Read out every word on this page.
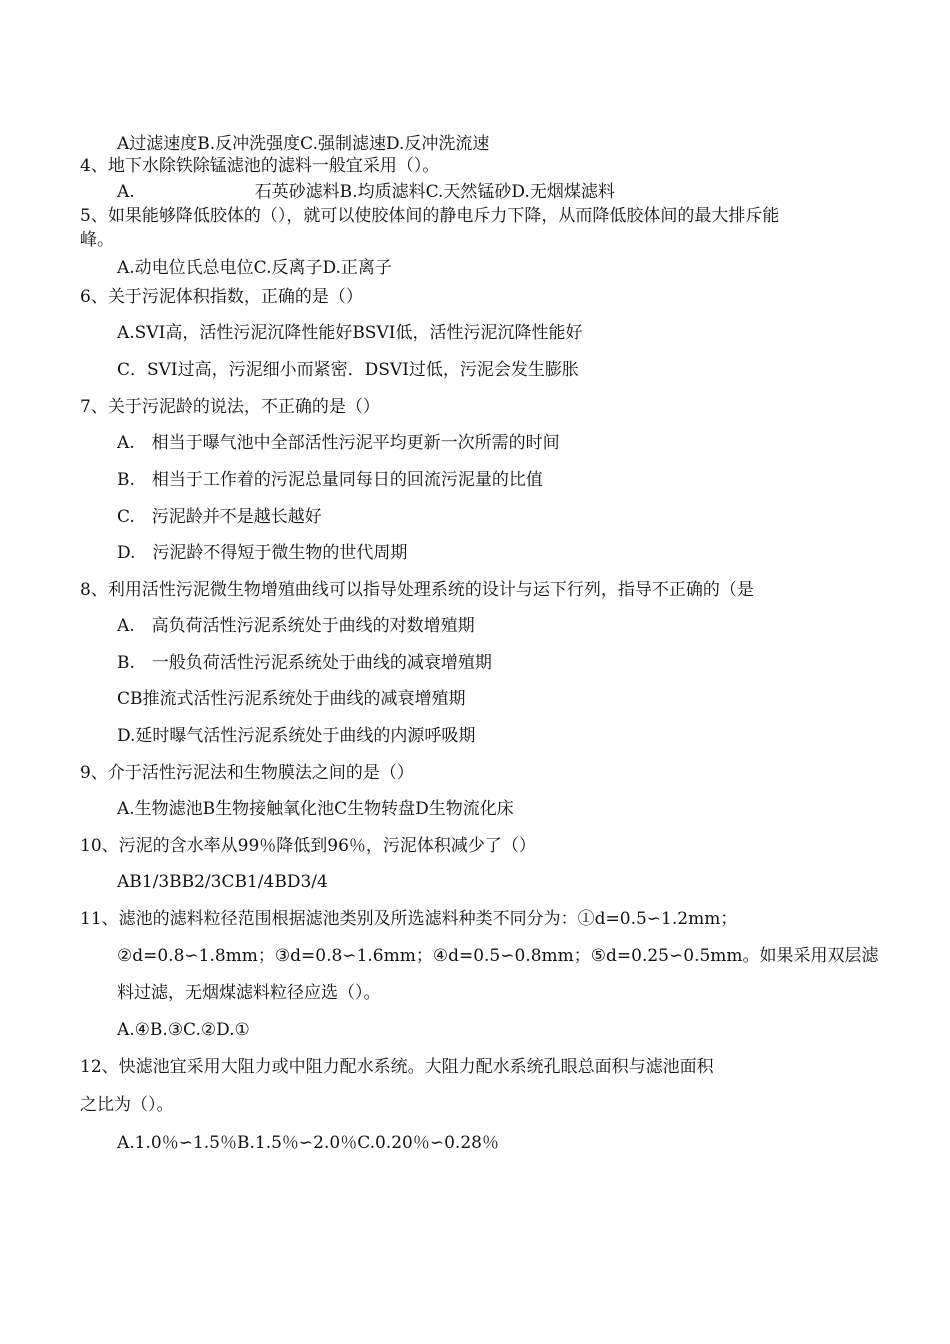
A过滤速度B.反冲洗强度C.强制滤速D.反冲洗流速
4、地下水除铁除锰滤池的滤料一般宜采用（）。
A.	石英砂滤料B.均质滤料C.天然锰砂D.无烟煤滤料
5、如果能够降低胶体的（），就可以使胶体间的静电斥力下降，从而降低胶体间的最大排斥能
峰。
A.动电位氏总电位C.反离子D.正离子
6、关于污泥体积指数，正确的是（）
A.SVI高，活性污泥沉降性能好BSVI低，活性污泥沉降性能好
C．SVI过高，污泥细小而紧密．DSVI过低，污泥会发生膨胀
7、关于污泥龄的说法，不正确的是（）
A.　相当于曝气池中全部活性污泥平均更新一次所需的时间
B.　相当于工作着的污泥总量同每日的回流污泥量的比值
C.　污泥龄并不是越长越好
D.　污泥龄不得短于微生物的世代周期
8、利用活性污泥微生物增殖曲线可以指导处理系统的设计与运下行列，指导不正确的（是
A.　高负荷活性污泥系统处于曲线的对数增殖期
B.　一般负荷活性污泥系统处于曲线的减衰增殖期
CB推流式活性污泥系统处于曲线的减衰增殖期
D.延时曝气活性污泥系统处于曲线的内源呼吸期
9、介于活性污泥法和生物膜法之间的是（）
A.生物滤池B生物接触氧化池C生物转盘D生物流化床
10、污泥的含水率从99％降低到96％，污泥体积减少了（）
AB1/3BB2/3CB1/4BD3/4
11、滤池的滤料粒径范围根据滤池类别及所选滤料种类不同分为：①d=0.5∽1.2mm；
②d=0.8∽1.8mm；③d=0.8∽1.6mm；④d=0.5∽0.8mm；⑤d=0.25∽0.5mm。如果采用双层滤
料过滤，无烟煤滤料粒径应选（）。
A.④B.③C.②D.①
12、快滤池宜采用大阻力或中阻力配水系统。大阻力配水系统孔眼总面积与滤池面积
之比为（）。
A.1.0％∽1.5％B.1.5％∽2.0％C.0.20％∽0.28％
